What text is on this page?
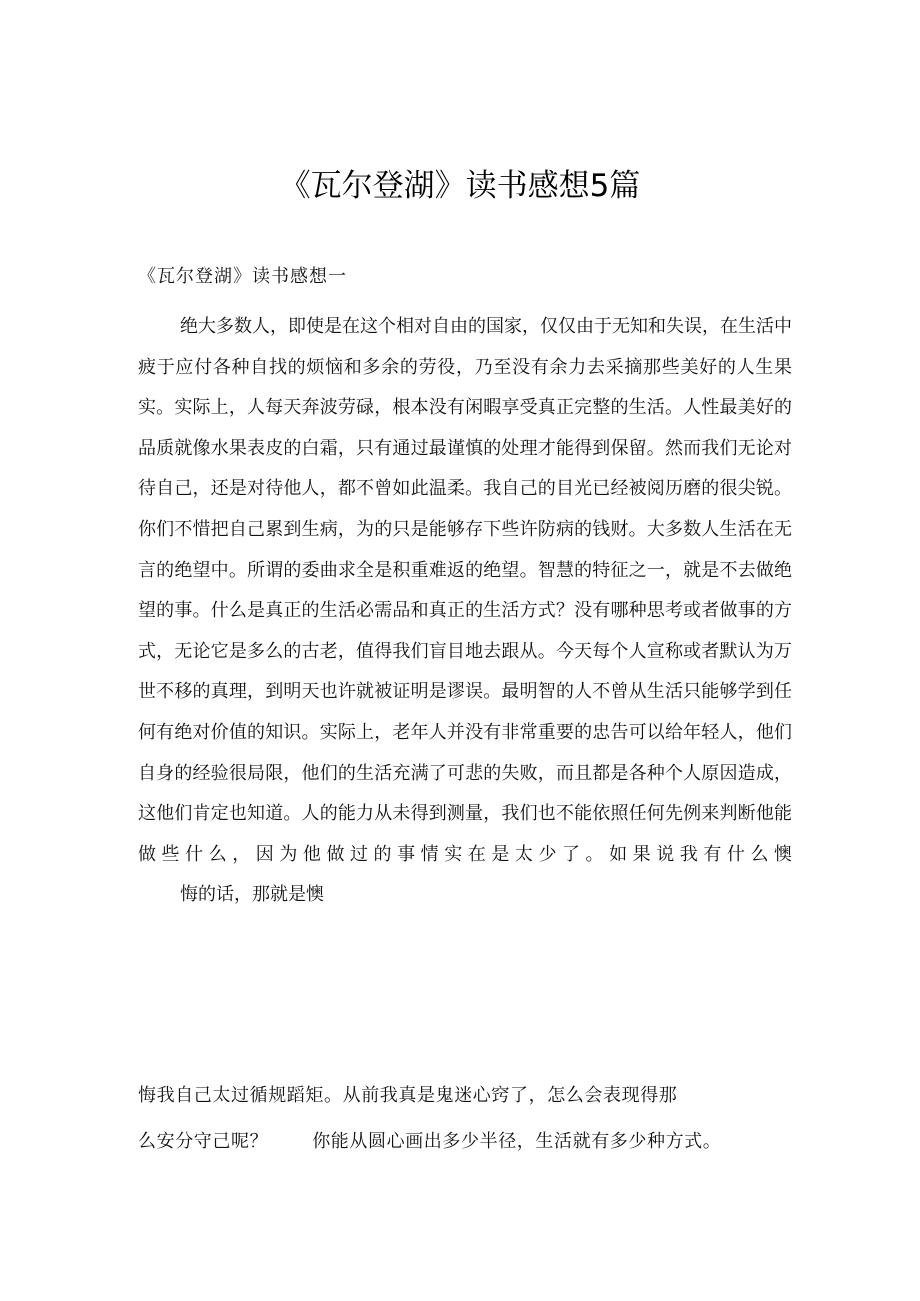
《瓦尔登湖》读书感想5篇
《瓦尔登湖》读书感想一

绝大多数人，即使是在这个相对自由的国家，仅仅由于无知和失误，在生活中疲于应付各种自找的烦恼和多余的劳役，乃至没有余力去采摘那些美好的人生果实。实际上，人每天奔波劳碌，根本没有闲暇享受真正完整的生活。人性最美好的品质就像水果表皮的白霜，只有通过最谨慎的处理才能得到保留。然而我们无论对待自己，还是对待他人，都不曾如此温柔。我自己的目光已经被阅历磨的很尖锐。你们不惜把自己累到生病，为的只是能够存下些许防病的钱财。大多数人生活在无言的绝望中。所谓的委曲求全是积重难返的绝望。智慧的特征之一，就是不去做绝望的事。什么是真正的生活必需品和真正的生活方式？没有哪种思考或者做事的方式，无论它是多么的古老，值得我们盲目地去跟从。今天每个人宣称或者默认为万世不移的真理，到明天也许就被证明是谬误。最明智的人不曾从生活只能够学到任何有绝对价值的知识。实际上，老年人并没有非常重要的忠告可以给年轻人，他们自身的经验很局限，他们的生活充满了可悲的失败，而且都是各种个人原因造成，这他们肯定也知道。人的能力从未得到测量，我们也不能依照任何先例来判断他能做些什么，因为他做过的事情实在是太少了。如果说我有什么懊
悔的话，那就是懊

悔我自己太过循规蹈矩。从前我真是鬼迷心窍了，怎么会表现得那

么安分守己呢？ 你能从圆心画出多少半径，生活就有多少种方式。
